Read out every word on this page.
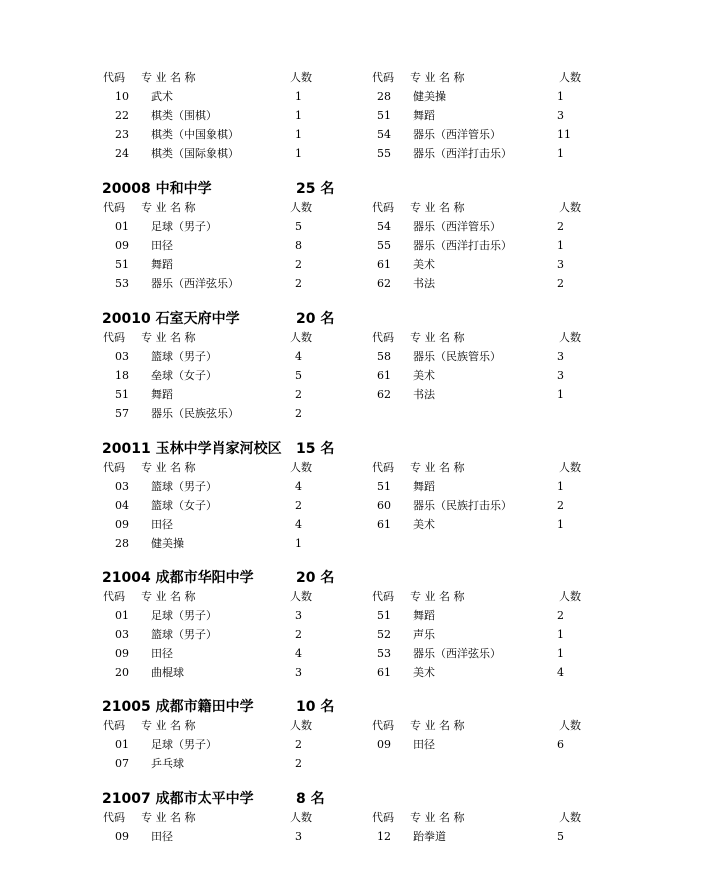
代码 专 业 名 称	人数	代码 专 业 名 称	人数
10 武术	1	28 健美操	1
22 棋类（围棋）	1	51 舞蹈	3
23 棋类（中国象棋）	1	54 器乐（西洋管乐）	11
24 棋类（国际象棋）	1	55 器乐（西洋打击乐）	1
20008 中和中学	25 名
代码 专 业 名 称	人数	代码 专 业 名 称	人数
01 足球（男子）	5	54 器乐（西洋管乐）	2
09 田径	8	55 器乐（西洋打击乐）	1
51 舞蹈	2	61 美术	3
53 器乐（西洋弦乐）	2	62 书法	2
20010 石室天府中学	20 名
代码 专 业 名 称	人数	代码 专 业 名 称	人数
03 篮球（男子）	4	58 器乐（民族管乐）	3
18 垒球（女子）	5	61 美术	3
51 舞蹈	2	62 书法	1
57 器乐（民族弦乐）	2
20011 玉林中学肖家河校区 15 名
代码 专 业 名 称	人数	代码 专 业 名 称	人数
03 篮球（男子）	4	51 舞蹈	1
04 篮球（女子）	2	60 器乐（民族打击乐）	2
09 田径	4	61 美术	1
28 健美操	1
21004 成都市华阳中学	20 名
代码 专 业 名 称	人数	代码 专 业 名 称	人数
01 足球（男子）	3	51 舞蹈	2
03 篮球（男子）	2	52 声乐	1
09 田径	4	53 器乐（西洋弦乐）	1
20 曲棍球	3	61 美术	4
21005 成都市籍田中学	10 名
代码 专 业 名 称	人数	代码 专 业 名 称	人数
01 足球（男子）	2	09 田径	6
07 乒乓球	2
21007 成都市太平中学	8 名
代码 专 业 名 称	人数	代码 专 业 名 称	人数
09 田径	3	12 跆拳道	5
